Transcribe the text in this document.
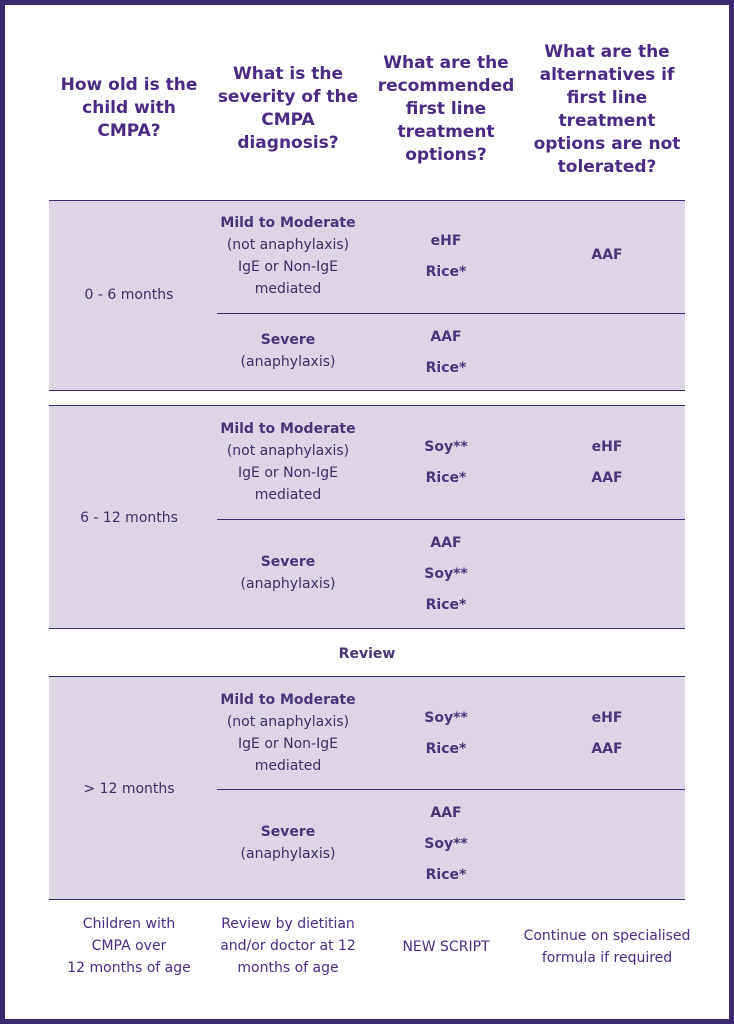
How old is the
child with
CMPA?
What is the
severity of the
CMPA
diagnosis?
What are the
recommended
first line
treatment
options?
What are the
alternatives if
first line
treatment
options are not
tolerated?
0 - 6 months
Mild to Moderate
(not anaphylaxis)
IgE or Non-IgE
mediated
eHF
Rice*
AAF
Severe
(anaphylaxis)
AAF
Rice*
6 - 12 months
Mild to Moderate
(not anaphylaxis)
IgE or Non-IgE
mediated
Soy**
Rice*
eHF
AAF
Severe
(anaphylaxis)
AAF
Soy**
Rice*
Review
> 12 months
Mild to Moderate
(not anaphylaxis)
IgE or Non-IgE
mediated
Soy**
Rice*
eHF
AAF
Severe
(anaphylaxis)
AAF
Soy**
Rice*
Children with
CMPA over
12 months of age
Review by dietitian
and/or doctor at 12
months of age
NEW SCRIPT
Continue on specialised
formula if required
